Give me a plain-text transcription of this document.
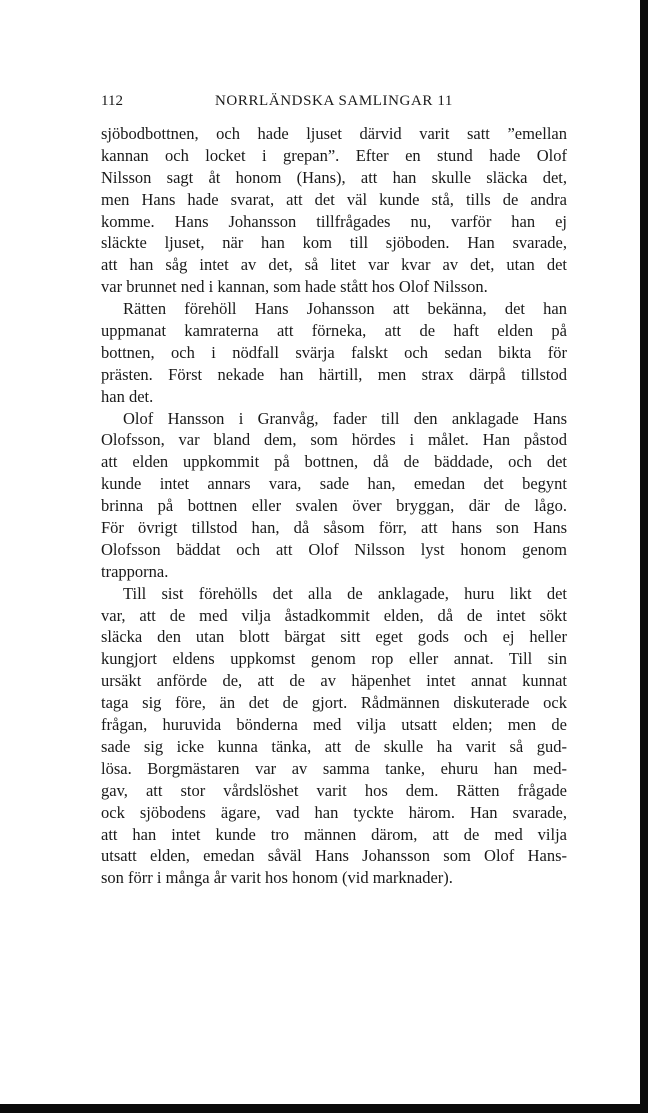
112	NORRLÄNDSKA SAMLINGAR 11
sjöbodbottnen, och hade ljuset därvid varit satt ”emellan
kannan och locket i grepan”. Efter en stund hade Olof
Nilsson sagt åt honom (Hans), att han skulle släcka det,
men Hans hade svarat, att det väl kunde stå, tills de andra
komme. Hans Johansson tillfrågades nu, varför han ej
släckte ljuset, när han kom till sjöboden. Han svarade,
att han såg intet av det, så litet var kvar av det, utan det
var brunnet ned i kannan, som hade stått hos Olof Nilsson.
Rätten förehöll Hans Johansson att bekänna, det han
uppmanat kamraterna att förneka, att de haft elden på
bottnen, och i nödfall svärja falskt och sedan bikta för
prästen. Först nekade han härtill, men strax därpå tillstod
han det.
Olof Hansson i Granvåg, fader till den anklagade Hans
Olofsson, var bland dem, som hördes i målet. Han påstod
att elden uppkommit på bottnen, då de bäddade, och det
kunde intet annars vara, sade han, emedan det begynt
brinna på bottnen eller svalen över bryggan, där de lågo.
För övrigt tillstod han, då såsom förr, att hans son Hans
Olofsson bäddat och att Olof Nilsson lyst honom genom
trapporna.
Till sist förehölls det alla de anklagade, huru likt det
var, att de med vilja åstadkommit elden, då de intet sökt
släcka den utan blott bärgat sitt eget gods och ej heller
kungjort eldens uppkomst genom rop eller annat. Till sin
ursäkt anförde de, att de av häpenhet intet annat kunnat
taga sig före, än det de gjort. Rådmännen diskuterade ock
frågan, huruvida bönderna med vilja utsatt elden; men de
sade sig icke kunna tänka, att de skulle ha varit så gud-
lösa. Borgmästaren var av samma tanke, ehuru han med-
gav, att stor vårdslöshet varit hos dem. Rätten frågade
ock sjöbodens ägare, vad han tyckte härom. Han svarade,
att han intet kunde tro männen därom, att de med vilja
utsatt elden, emedan såväl Hans Johansson som Olof Hans-
son förr i många år varit hos honom (vid marknader).
